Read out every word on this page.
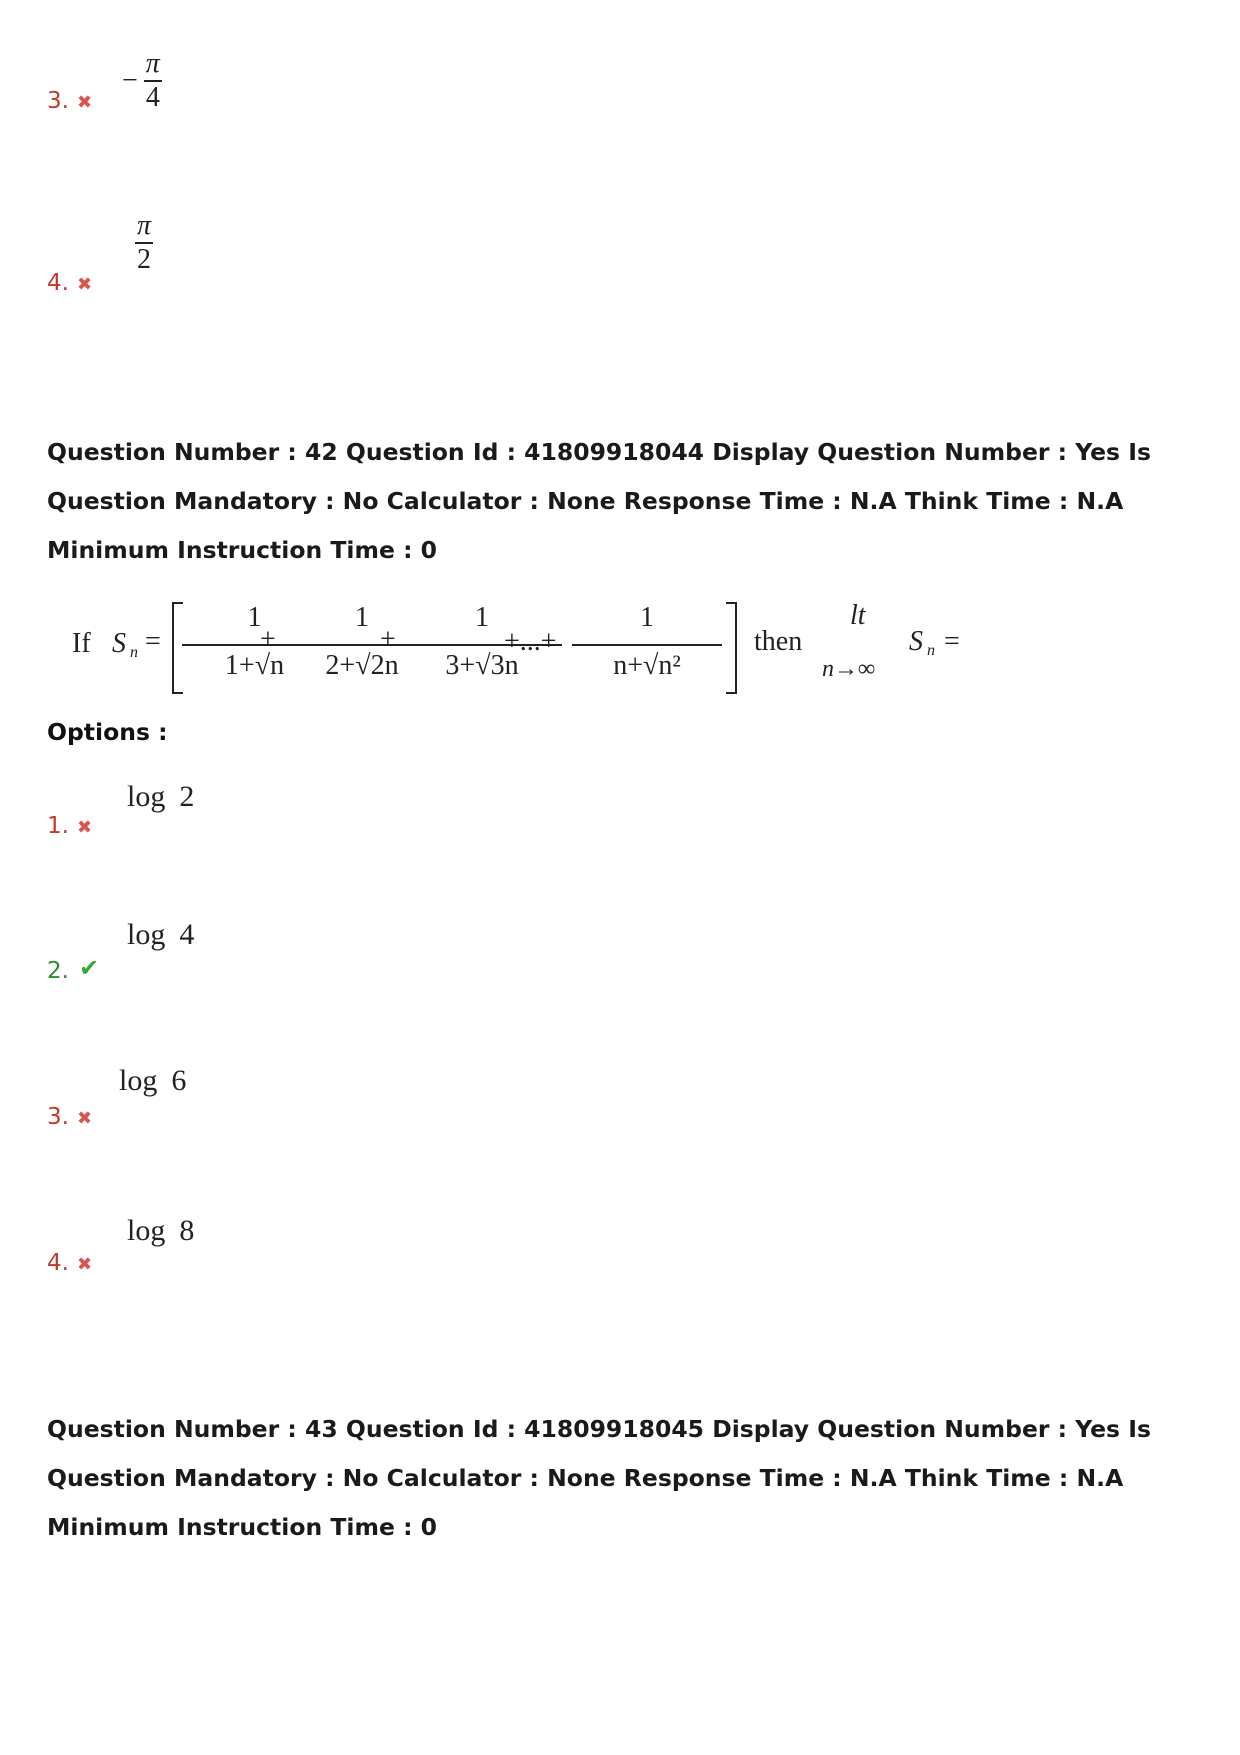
3. ✖
− $\frac{\pi}{4}$
4. ✖
$\frac{\pi}{2}$
Question Number : 42 Question Id : 41809918044 Display Question Number : Yes Is Question Mandatory : No Calculator : None Response Time : N.A Think Time : N.A Minimum Instruction Time : 0
If S n =
1
1+√n
+
1
2+√2n
+
1
3+√3n
+...+
1
n+√n²
then
lt
n→∞
S n =
Options :
1. ✖
log 2
2. ✔
log 4
3. ✖
log 6
4. ✖
log 8
Question Number : 43 Question Id : 41809918045 Display Question Number : Yes Is Question Mandatory : No Calculator : None Response Time : N.A Think Time : N.A Minimum Instruction Time : 0
